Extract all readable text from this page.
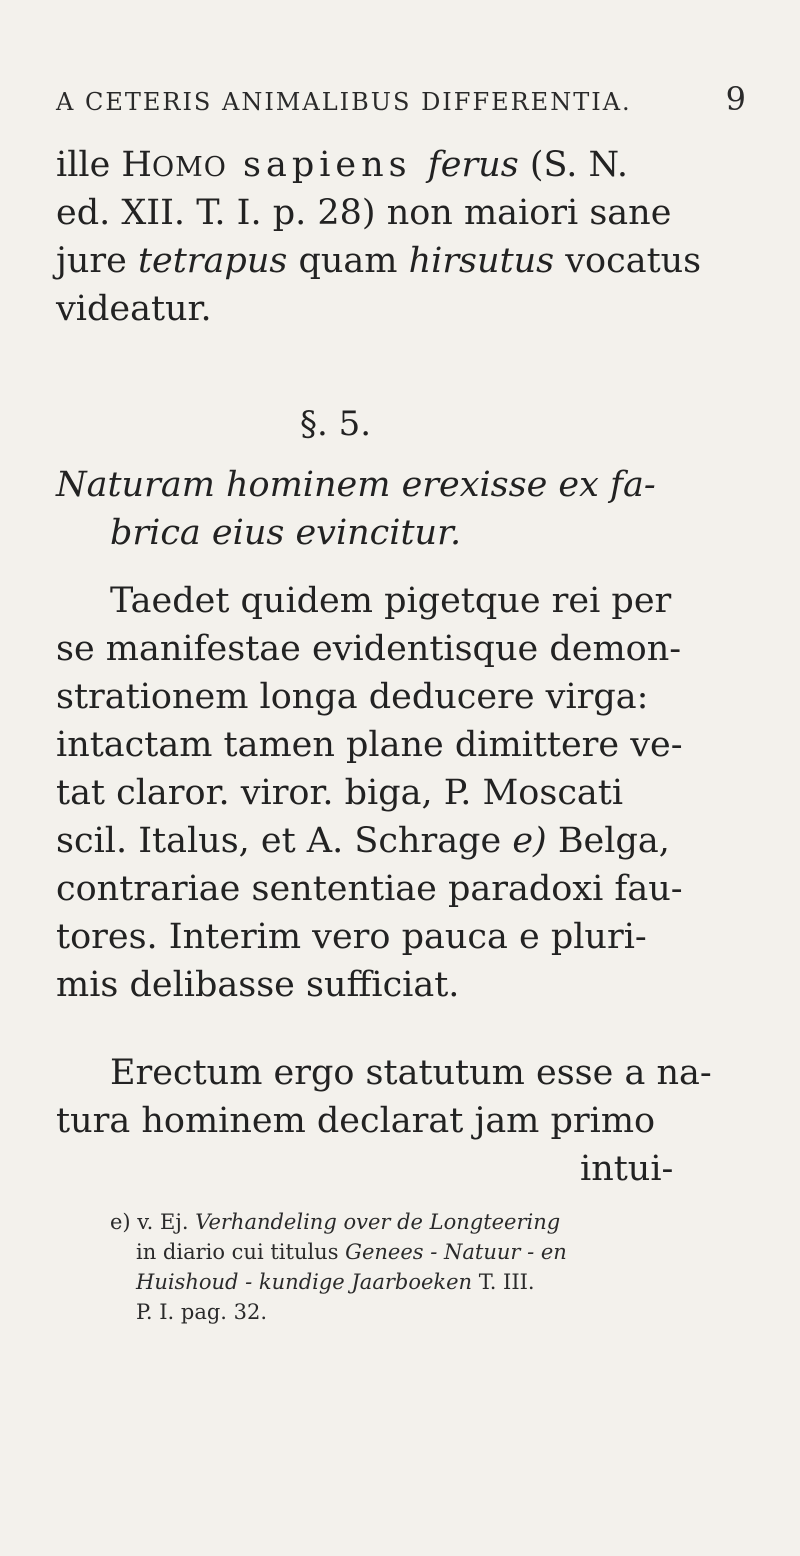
A CETERIS ANIMALIBUS DIFFERENTIA.	9
ille HOMO sapiens ferus (S. N.
ed. XII. T. I. p. 28) non maiori sane
jure tetrapus quam hirsutus vocatus
videatur.
§. 5.
Naturam hominem erexisse ex fa-
brica eius evincitur.
Taedet quidem pigetque rei per
se manifestae evidentisque demon-
strationem longa deducere virga:
intactam tamen plane dimittere ve-
tat claror. viror. biga, P. Moscati
scil. Italus, et A. Schrage e) Belga,
contrariae sententiae paradoxi fau-
tores. Interim vero pauca e pluri-
mis delibasse sufficiat.
Erectum ergo statutum esse a na-
tura hominem declarat jam primo
intui-
e) v. Ej. Verhandeling over de Longteering
in diario cui titulus Genees - Natuur - en
Huishoud - kundige Jaarboeken T. III.
P. I. pag. 32.
